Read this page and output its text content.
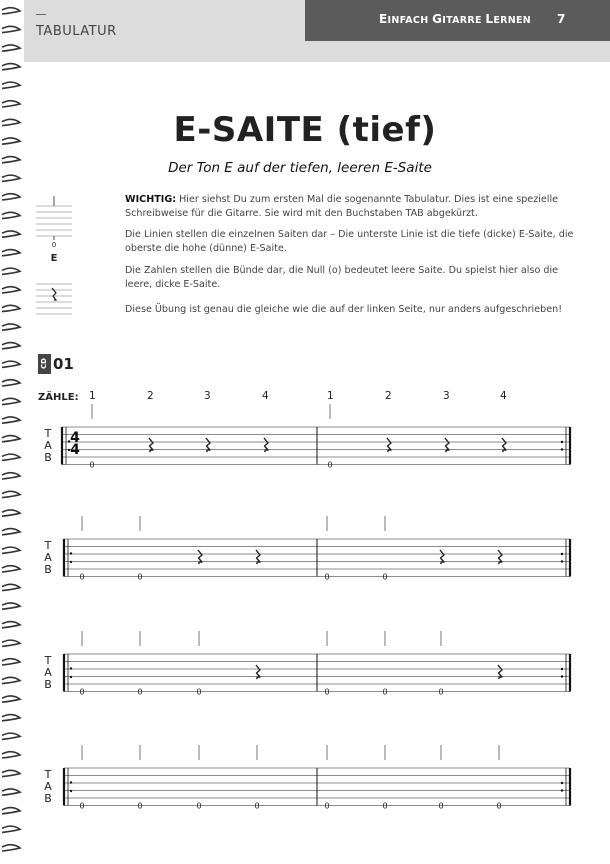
TABULATUR
EINFACH GITARRE LERNEN 7
E-SAITE (tief)
Der Ton E auf der tiefen, leeren E-Saite
WICHTIG: Hier siehst Du zum ersten Mal die sogenannte Tabulatur. Dies ist eine spezielle Schreibweise für die Gitarre. Sie wird mit den Buchstaben TAB abgekürzt.
Die Linien stellen die einzelnen Saiten dar – Die unterste Linie ist die tiefe (dicke) E-Saite, die oberste die hohe (dünne) E-Saite.
Die Zahlen stellen die Bünde dar, die Null (o) bedeutet leere Saite. Du spielst hier also die leere, dicke E-Saite.
Diese Übung ist genau die gleiche wie die auf der linken Seite, nur anders aufgeschrieben!
0
E
CD 01
ZÄHLE: 1	2	3	4	1	2	3	4
T
A
B
4
4
0	0
T
A
B
0	0	0	0
T
A
B
0	0	0	0	0	0
T
A
B
0	0	0	0	0	0	0	0
